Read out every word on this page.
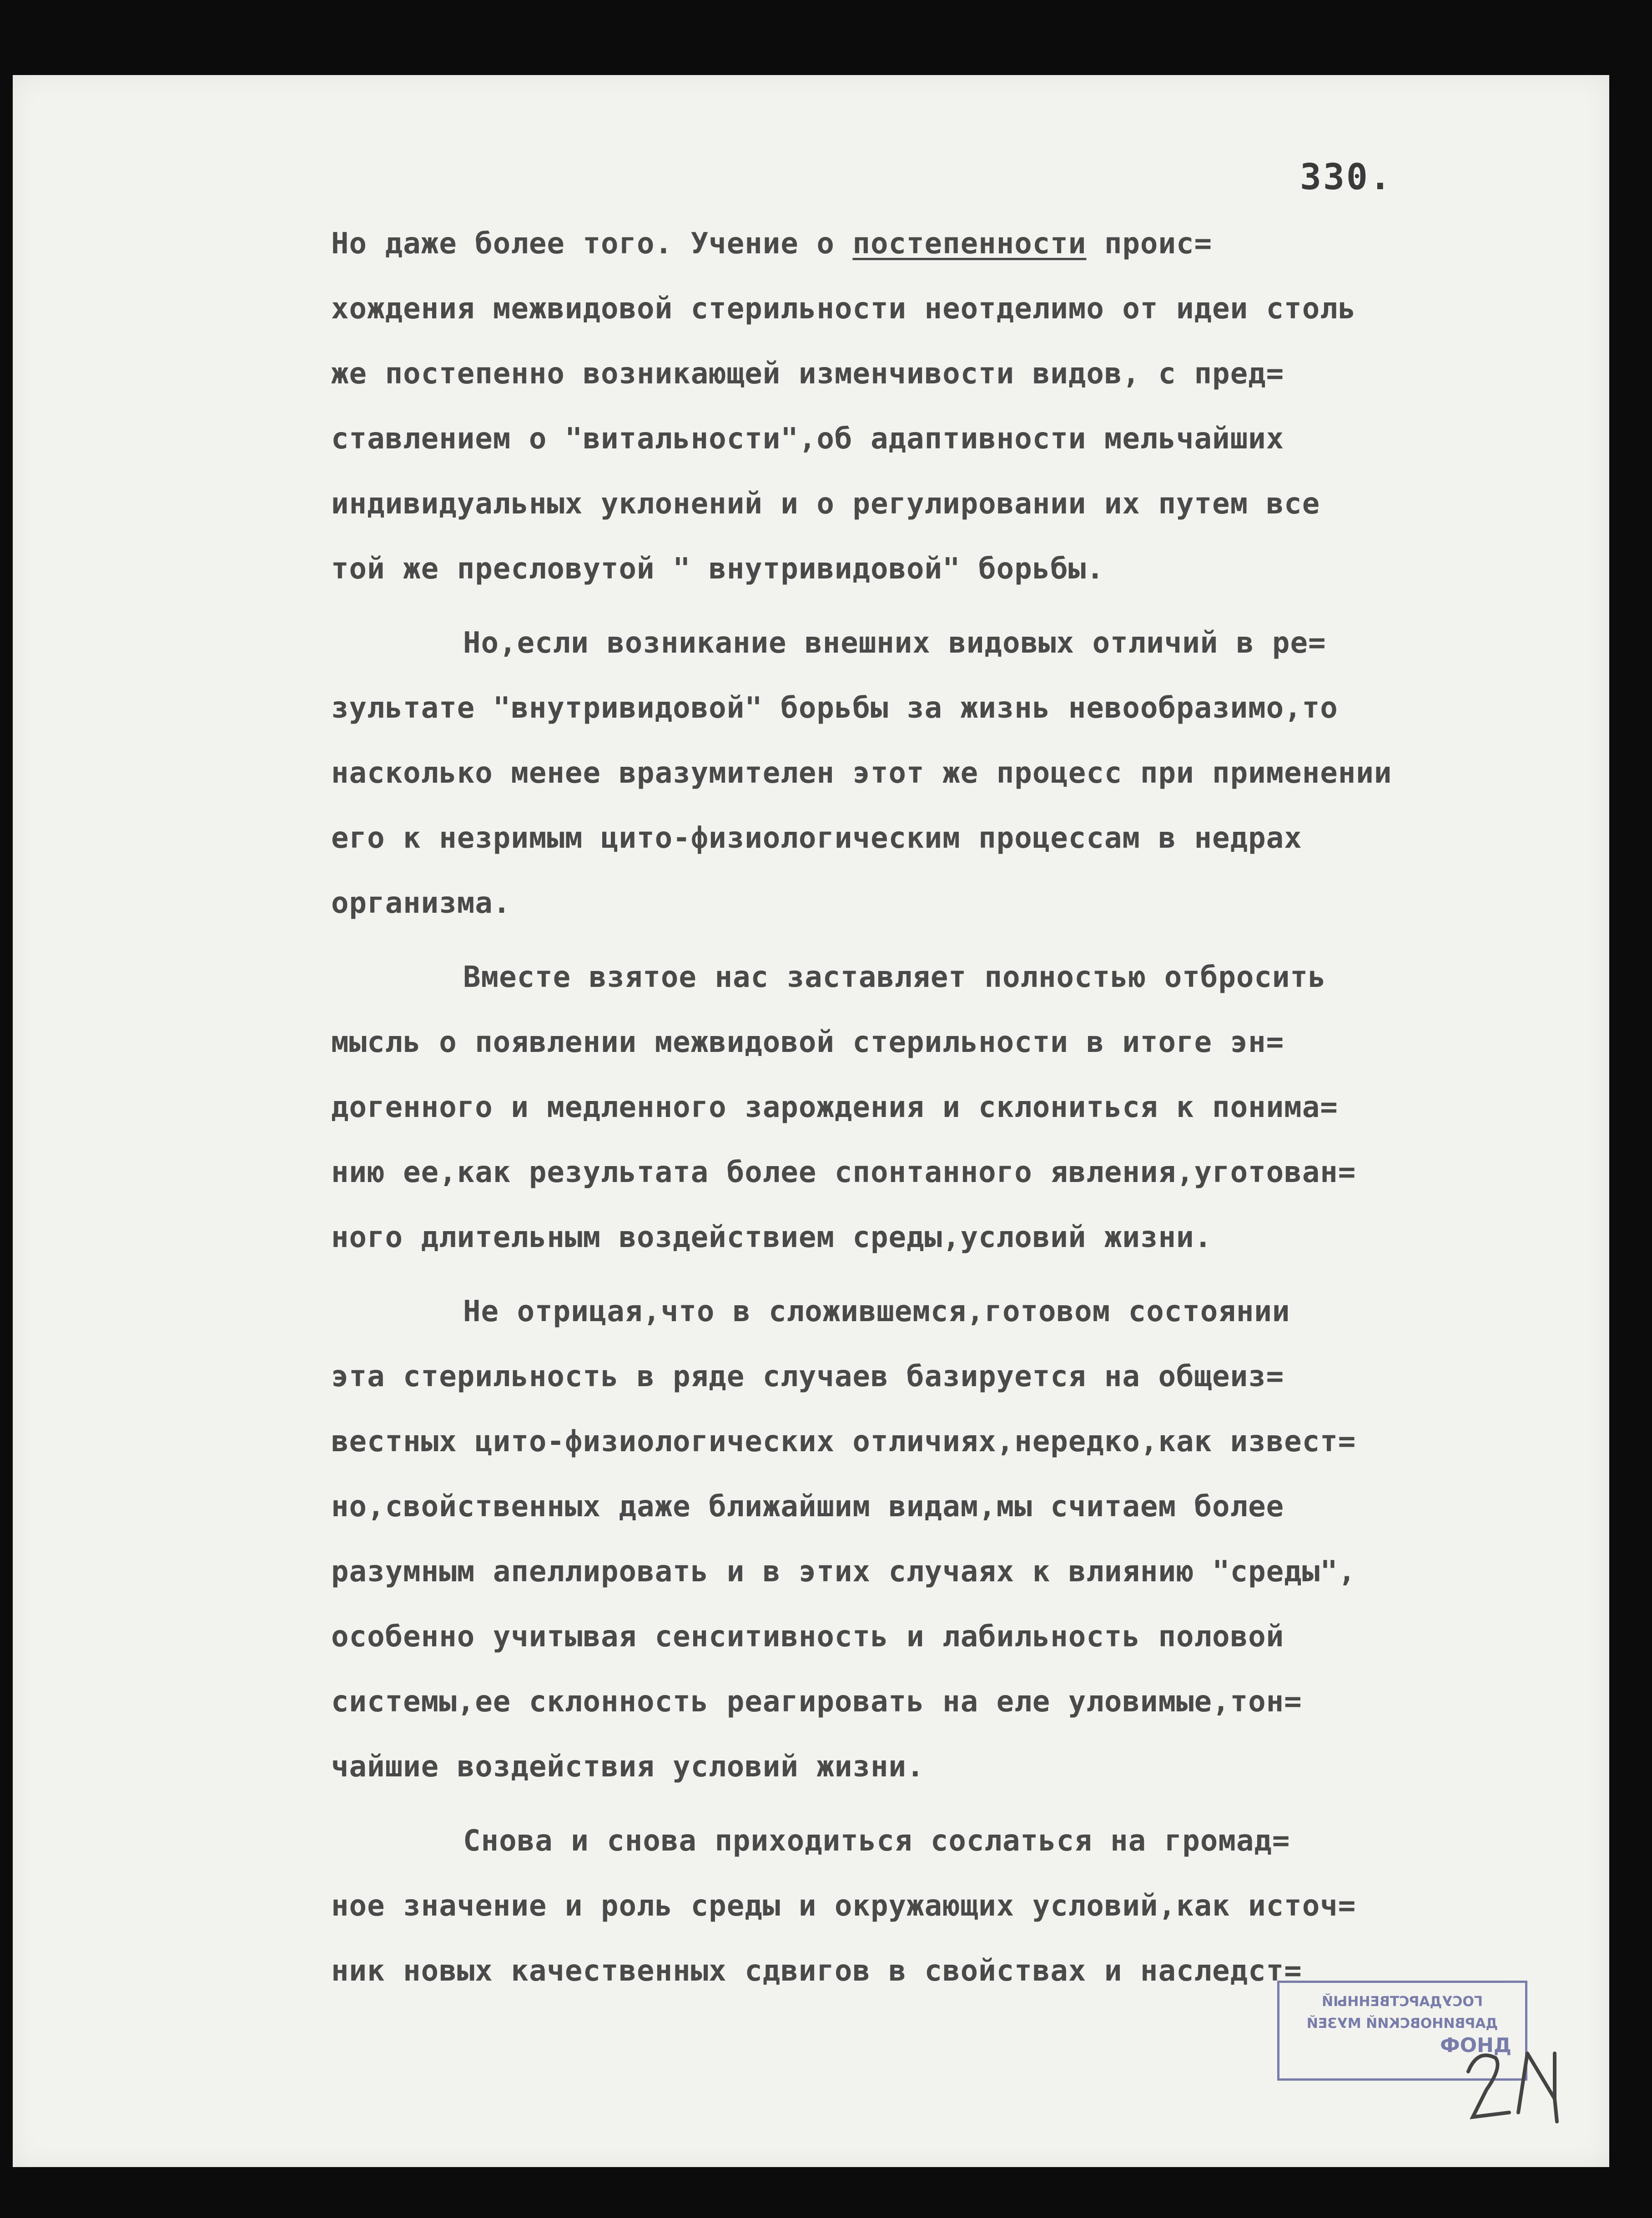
330.
Но даже более того. Учение о постепенности проис=
хождения межвидовой стерильности неотделимо от идеи столь
же постепенно возникающей изменчивости видов, с пред=
ставлением о "витальности",об адаптивности мельчайших
индивидуальных уклонений и о регулировании их путем все
той же пресловутой " внутривидовой" борьбы.
Но,если возникание внешних видовых отличий в ре=
зультате "внутривидовой" борьбы за жизнь невообразимо,то
насколько менее вразумителен этот же процесс при применении
его к незримым цито-физиологическим процессам в недрах
организма.
Вместе взятое нас заставляет полностью отбросить
мысль о появлении межвидовой стерильности в итоге эн=
догенного и медленного зарождения и склониться к понима=
нию ее,как результата более спонтанного явления,уготован=
ного длительным воздействием среды,условий жизни.
Не отрицая,что в сложившемся,готовом состоянии
эта стерильность в ряде случаев базируется на общеиз=
вестных цито-физиологических отличиях,нередко,как извест=
но,свойственных даже ближайшим видам,мы считаем более
разумным апеллировать и в этих случаях к влиянию "среды",
особенно учитывая сенситивность и лабильность половой
системы,ее склонность реагировать на еле уловимые,тон=
чайшие воздействия условий жизни.
Снова и снова приходиться сослаться на громад=
ное значение и роль среды и окружающих условий,как источ=
ник новых качественных сдвигов в свойствах и наследст=
ГОСУДАРСТВЕННЫЙ
ДАРВИНОВСКИЙ МУЗЕЙ
ФОНД
